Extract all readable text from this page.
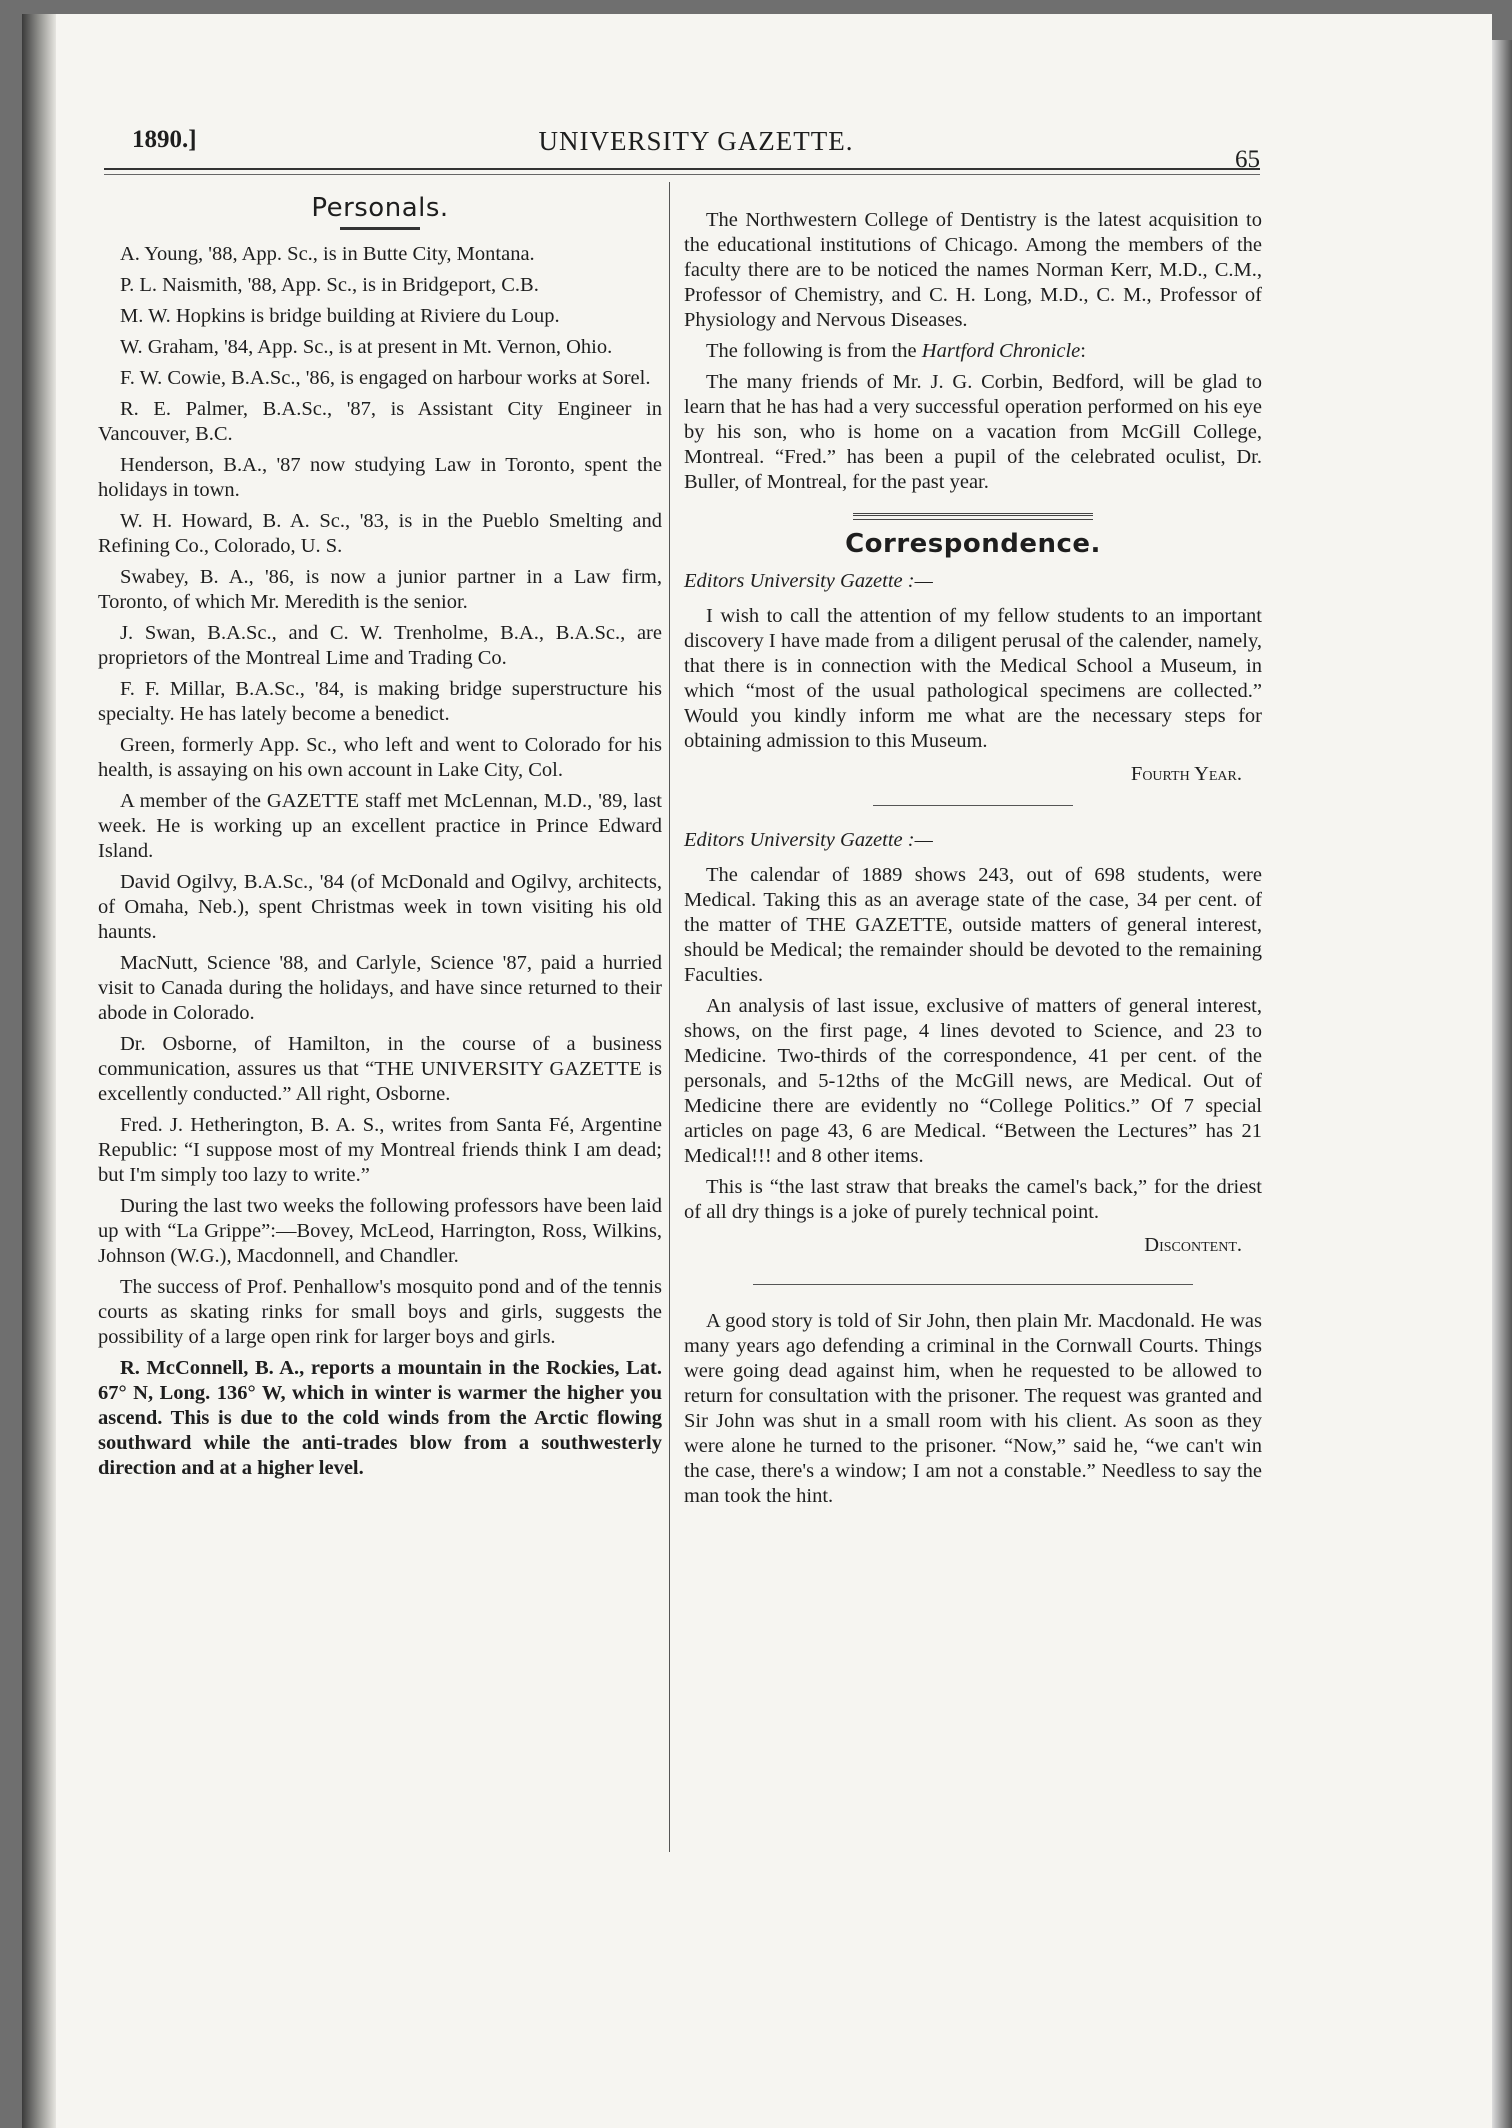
1890.]	UNIVERSITY GAZETTE.
65
Personals.

A. Young, '88, App. Sc., is in Butte City, Montana.

P. L. Naismith, '88, App. Sc., is in Bridgeport, C.B.

M. W. Hopkins is bridge building at Riviere du Loup.

W. Graham, '84, App. Sc., is at present in Mt. Vernon, Ohio.

F. W. Cowie, B.A.Sc., '86, is engaged on harbour works at Sorel.

R. E. Palmer, B.A.Sc., '87, is Assistant City Engineer in Vancouver, B.C.

Henderson, B.A., '87 now studying Law in Toronto, spent the holidays in town.

W. H. Howard, B. A. Sc., '83, is in the Pueblo Smelting and Refining Co., Colorado, U. S.

Swabey, B. A., '86, is now a junior partner in a Law firm, Toronto, of which Mr. Meredith is the senior.

J. Swan, B.A.Sc., and C. W. Trenholme, B.A., B.A.Sc., are proprietors of the Montreal Lime and Trading Co.

F. F. Millar, B.A.Sc., '84, is making bridge superstructure his specialty. He has lately become a benedict.

Green, formerly App. Sc., who left and went to Colorado for his health, is assaying on his own account in Lake City, Col.

A member of the GAZETTE staff met McLennan, M.D., '89, last week. He is working up an excellent practice in Prince Edward Island.

David Ogilvy, B.A.Sc., '84 (of McDonald and Ogilvy, architects, of Omaha, Neb.), spent Christmas week in town visiting his old haunts.

MacNutt, Science '88, and Carlyle, Science '87, paid a hurried visit to Canada during the holidays, and have since returned to their abode in Colorado.

Dr. Osborne, of Hamilton, in the course of a business communication, assures us that “THE UNIVERSITY GAZETTE is excellently conducted.” All right, Osborne.

Fred. J. Hetherington, B. A. S., writes from Santa Fé, Argentine Republic: “I suppose most of my Montreal friends think I am dead; but I'm simply too lazy to write.”

During the last two weeks the following professors have been laid up with “La Grippe”:—Bovey, McLeod, Harrington, Ross, Wilkins, Johnson (W.G.), Macdonnell, and Chandler.

The success of Prof. Penhallow's mosquito pond and of the tennis courts as skating rinks for small boys and girls, suggests the possibility of a large open rink for larger boys and girls.

R. McConnell, B. A., reports a mountain in the Rockies, Lat. 67° N, Long. 136° W, which in winter is warmer the higher you ascend. This is due to the cold winds from the Arctic flowing southward while the anti-trades blow from a southwesterly direction and at a higher level.

The Northwestern College of Dentistry is the latest acquisition to the educational institutions of Chicago. Among the members of the faculty there are to be noticed the names Norman Kerr, M.D., C.M., Professor of Chemistry, and C. H. Long, M.D., C. M., Professor of Physiology and Nervous Diseases.

The following is from the Hartford Chronicle:

The many friends of Mr. J. G. Corbin, Bedford, will be glad to learn that he has had a very successful operation performed on his eye by his son, who is home on a vacation from McGill College, Montreal. “Fred.” has been a pupil of the celebrated oculist, Dr. Buller, of Montreal, for the past year.

Correspondence.
Editors University Gazette :—

I wish to call the attention of my fellow students to an important discovery I have made from a diligent perusal of the calender, namely, that there is in connection with the Medical School a Museum, in which “most of the usual pathological specimens are collected.” Would you kindly inform me what are the necessary steps for obtaining admission to this Museum.

Fourth Year.
Editors University Gazette :—

The calendar of 1889 shows 243, out of 698 students, were Medical. Taking this as an average state of the case, 34 per cent. of the matter of THE GAZETTE, outside matters of general interest, should be Medical; the remainder should be devoted to the remaining Faculties.

An analysis of last issue, exclusive of matters of general interest, shows, on the first page, 4 lines devoted to Science, and 23 to Medicine. Two-thirds of the correspondence, 41 per cent. of the personals, and 5-12ths of the McGill news, are Medical. Out of Medicine there are evidently no “College Politics.” Of 7 special articles on page 43, 6 are Medical. “Between the Lectures” has 21 Medical!!! and 8 other items.

This is “the last straw that breaks the camel's back,” for the driest of all dry things is a joke of purely technical point.

Discontent.

A good story is told of Sir John, then plain Mr. Macdonald. He was many years ago defending a criminal in the Cornwall Courts. Things were going dead against him, when he requested to be allowed to return for consultation with the prisoner. The request was granted and Sir John was shut in a small room with his client. As soon as they were alone he turned to the prisoner. “Now,” said he, “we can't win the case, there's a window; I am not a constable.” Needless to say the man took the hint.
